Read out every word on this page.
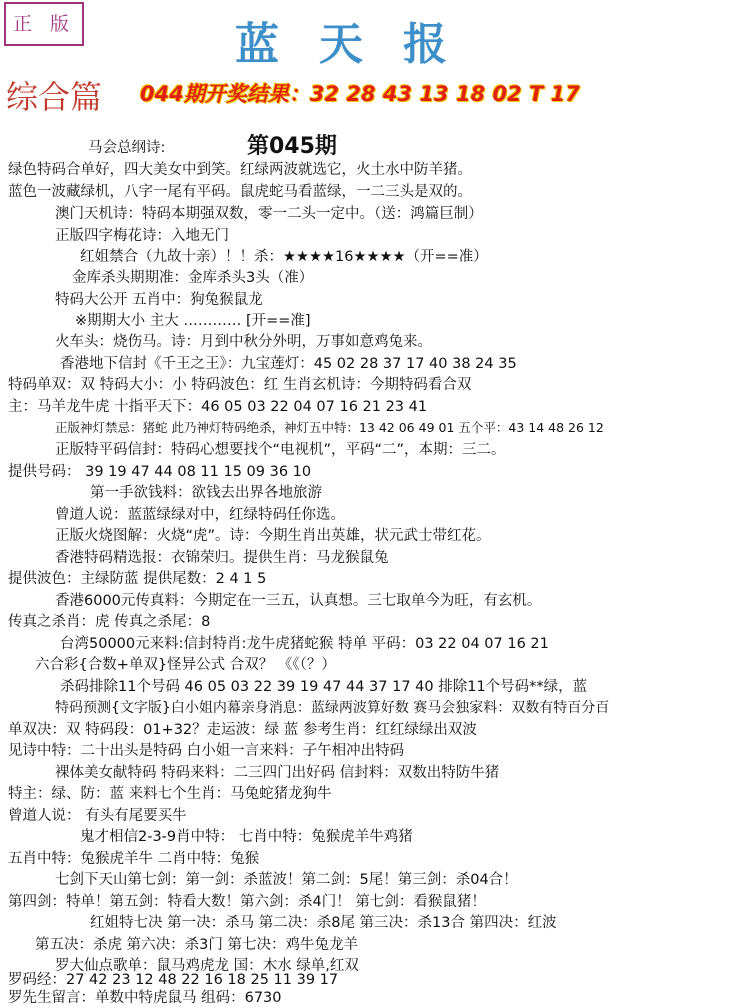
正 版	蓝天报
综合篇 044期开奖结果：32 28 43 13 18 02 T 17
第045期
马会总纲诗:
绿色特码合单好，四大美女中到笑。红绿两波就选它，火土水中防羊猪。
蓝色一波藏绿机，八字一尾有平码。鼠虎蛇马看蓝绿，一二三头是双的。
澳门天机诗：特码本期强双数，零一二头一定中。（送：鸿篇巨制）
正版四字梅花诗：入地无门
红姐禁合（九故十亲）！！杀：★★★★16★★★★（开==准）
金库杀头期期准：金库杀头3头（准）
特码大公开 五肖中：狗兔猴鼠龙
※期期大小 主大 ………… [开==准]
火车头：烧伤马。诗：月到中秋分外明，万事如意鸡兔来。
香港地下信封《千王之王》：九宝莲灯：45 02 28 37 17 40 38 24 35
特码单双：双 特码大小：小 特码波色：红 生肖玄机诗：今期特码看合双
主：马羊龙牛虎 十指平天下：46 05 03 22 04 07 16 21 23 41
正版神灯禁忌：猪蛇 此乃神灯特码绝杀，神灯五中特：13 42 06 49 01 五个平：43 14 48 26 12
正版特平码信封：特码心想要找个“电视机”，平码“二”，本期：三二。
提供号码： 39 19 47 44 08 11 15 09 36 10
第一手欲钱料：欲钱去出界各地旅游
曾道人说：蓝蓝绿绿对中，红绿特码任你选。
正版火烧图解：火烧“虎”。诗：今期生肖出英雄，状元武士带红花。
香港特码精选报：衣锦荣归。提供生肖：马龙猴鼠兔
提供波色：主绿防蓝 提供尾数：2 4 1 5
香港6000元传真料：今期定在一三五，认真想。三七取单今为旺，有玄机。
传真之杀肖：虎 传真之杀尾：8
台湾50000元来料:信封特肖:龙牛虎猪蛇猴 特单 平码：03 22 04 07 16 21
六合彩{合数+单双}怪异公式 合双？ 《《（？）
杀码排除11个号码 46 05 03 22 39 19 47 44 37 17 40 排除11个号码**绿，蓝
特码预测{文字版}白小姐内幕亲身消息：蓝绿两波算好数 赛马会独家料：双数有特百分百
单双决：双 特码段：01+32？走运波：绿 蓝 参考生肖：红红绿绿出双波
见诗中特：二十出头是特码 白小姐一言来料：子午相冲出特码
裸体美女献特码 特码来料：二三四门出好码 信封料：双数出特防牛猪
特主：绿、防：蓝 来料七个生肖：马兔蛇猪龙狗牛
曾道人说： 有头有尾要买牛
鬼才相信2-3-9肖中特： 七肖中特：兔猴虎羊牛鸡猪
五肖中特：兔猴虎羊牛 二肖中特：兔猴
七剑下天山第七剑：第一剑：杀蓝波！第二剑：5尾！第三剑：杀04合！
第四剑：特单！第五剑：特看大数！第六剑：杀4门！ 第七剑：看猴鼠猪！
红姐特七决 第一决：杀马 第二决：杀8尾 第三决：杀13合 第四决：红波
第五决：杀虎 第六决：杀3门 第七决：鸡牛兔龙羊
罗大仙点歌单：鼠马鸡虎龙 国：木水 绿单,红双
罗码经：27 42 23 12 48 22 16 18 25 11 39 17
罗先生留言：单数中特虎鼠马 组码：6730
